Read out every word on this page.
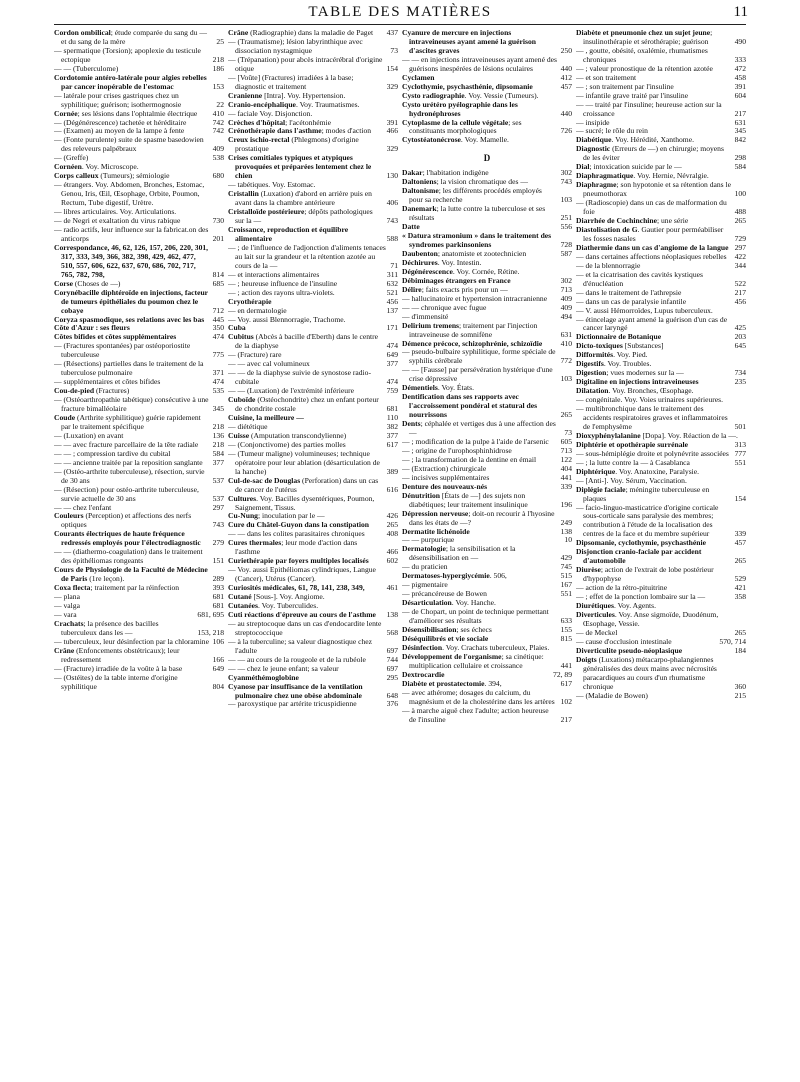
TABLE DES MATIÈRES	11
Cordon ombilical; étude comparée du sang du — et du sang de la mère	25
— spermatique (Torsion); apoplexie du testicule ectopique	218
— — (Tuberculome)	186
Cordotomie antéro-latérale pour algies rebelles par cancer inopérable de l'estomac	153
— latérale pour crises gastriques chez un syphilitique; guérison; isothermognosie	22
Cornée; ses lésions dans l'ophtalmie électrique	410
— (Dégénérescence) tachetée et héréditaire	742
— (Examen) au moyen de la lampe à fente	742
— (Fonte purulente) suite de spasme basedowien des releveurs palpébraux	409
— (Greffe)	538
Cornéen. Voy. Microscope.
Corps calleux (Tumeurs); sémiologie	680
— étrangers. Voy. Abdomen, Bronches, Estomac, Genou, Iris, Œil, Œsophage, Orbite, Poumon, Rectum, Tube digestif, Urètre.
— libres articulaires. Voy. Articulations.
— de Negri et exaltation du virus rabique	730
— radio actifs, leur influence sur la fabricat.on des anticorps	201
Correspondance, 46, 62, 126, 157, 206, 220, 301, 317, 333, 349, 366, 382, 398, 429, 462, 477, 510, 557, 606, 622, 637, 670, 686, 702, 717, 765, 782, 798,	814
Corse (Choses de —)	685
Corynébacille diphtéroïde en injections, facteur de tumeurs épithéliales du poumon chez le cobaye	712
Coryza spasmodique, ses relations avec les bas	445
Côte d'Azur : ses fleurs	350
Côtes bifides et côtes supplémentaires	474
— (Fractures spontanées) par ostéoporiostite tuberculeuse	775
— (Résections) partielles dans le traitement de la tuberculose pulmonaire	371
— supplémentaires et côtes bifides	474
Cou-de-pied (Fractures)	535
— (Ostéoarthropathie tabétique) consécutive à une fracture bimalléolaire	345
Coude (Arthrite syphilitique) guérie rapidement par le traitement spécifique	218
— (Luxation) en avant	136
— — avec fracture parcellaire de la tête radiale	218
— — ; compression tardive du cubital	584
— — ancienne traitée par la reposition sanglante	377
— (Ostéo-arthrite tuberculeuse), résection, survie de 30 ans	537
— (Résection) pour ostéo-arthrite tuberculeuse, survie actuelle de 30 ans	537
— — chez l'enfant	297
Couleurs (Perception) et affections des nerfs optiques	743
Courants électriques de haute fréquence redressés employés pour l'électrodiagnostic	279
— — (diathermo-coagulation) dans le traitement des épithéliomas rongeants	151
Cours de Physiologie de la Faculté de Médecine de Paris (1re leçon).	289
Coxa flecta; traitement par la réinfection	393
— plana	681
— valga	681
— vara	681, 695
Crachats; la présence des bacilles tuberculeux dans les —	153, 218
— tuberculeux, leur désinfection par la chloramine 106
Crâne (Enfoncements obstétricaux); leur redressement	166
— (Fracture) irradiée de la voûte à la base	649
— (Ostéites) de la table interne d'origine syphilitique	804
Crâne (Radiographie) dans la maladie de Paget	437
— (Traumatisme); lésion labyrinthique avec dissociation nystagmique	73
— (Trépanation) pour abcès intracérébral d'origine otique	154
— [Voûte] (Fractures) irradiées à la base; diagnostic et traitement	329
Cranienne [Intra]. Voy. Hypertension.
Cranio-encéphalique. Voy. Traumatismes.
— faciale Voy. Disjonction.
Crèches d'hôpital; l'acétonhémie	391
Crénothérapie dans l'asthme; modes d'action	466
Creux ischio-rectal (Phlegmons) d'origine prostatique	329
Crises comitiales typiques et atypiques provoquées et préparées lentement chez le chien	130
— tabétiques. Voy. Estomac.
Cristallin (Luxation) d'abord en arrière puis en avant dans la chambre antérieure	406
Cristalloïde postérieure; dépôts pathologiques sur la —	743
Croissance, reproduction et équilibre alimentaire	588
— ; de l'influence de l'adjonction d'aliments tenaces au lait sur la grandeur et la rétention azotée au cours de la —	71
— et interactions alimentaires	311
— ; heureuse influence de l'insuline	632
— ; action des rayons ultra-violets.	521
Cryothérapie	456
— en dermatologie	137
— Voy. aussi Blennorragie, Trachome.
Cuba	171
Cubitus (Abcès à bacille d'Eberth) dans le centre de la diaphyse	474
— (Fracture) rare	649
— — avec cal volumineux	377
— — de la diaphyse suivie de synostose radio-cubitale	474
— — (Luxation) de l'extrémité inférieure	759
Cuboïde (Ostéochondrite) chez un enfant porteur de chondrite costale	681
Cuisine, la meilleure —	110
— diététique	382
Cuisse (Amputation transcondylienne)	377
— (Conjonctivome) des parties molles	617
— (Tumeur maligne) volumineuses; technique opératoire pour leur ablation (désarticulation de la hanche)	389
Cul-de-sac de Douglas (Perforation) dans un cas de cancer de l'utérus	616
Cultures. Voy. Bacilles dysentériques, Poumon, Saignement, Tissus.
Cu-Nung; inoculation par le —	426
Cure du Châtel-Guyon dans la constipation	265
— — dans les colites parasitaires chroniques	408
Cures thermales; leur mode d'action dans l'asthme	466
Curiethérapie par foyers multiples localisés	602
— Voy. aussi Epithéliomas cylindriques, Langue (Cancer), Utérus (Cancer).
Curiosités médicales, 61, 78, 141, 238, 349,	461
Cutané [Sous-]. Voy. Angiome.
Cutanées. Voy. Tuberculides.
Cuti réactions d'épreuve au cours de l'asthme	138
— au streptocoque dans un cas d'endocardite lente streptococcique	568
— à la tuberculine; sa valeur diagnostique chez l'adulte	697
— — au cours de la rougeole et de la rubéole	744
— — chez le jeune enfant; sa valeur	697
Cyanméthémoglobine	295
Cyanose par insuffisance de la ventilation pulmonaire chez une obèse abdominale	648
— paroxystique par artérite tricuspidienne	376
Cyanure de mercure en injections intraveineuses ayant amené la guérison d'ascites graves	250
— — en injections intraveineuses ayant amené des guérisons inespérées de lésions oculaires	440
Cyclamen	412
Cyclothymie, psychasthénie, dipsomanie	457
Cysto radiographie. Voy. Vessie (Tumeurs).
Cysto urétéro pyélographie dans les hydronéphroses	440
Cytoplasme de la cellule végétale; ses constituants morphologiques	726
Cytostéatonécrose. Voy. Mamelle.
D
Dakar; l'habitation indigène	302
Daltoniens; la vision chromatique des —	743
Daltonisme; les différents procédés employés pour sa recherche	103
Danemark; la lutte contre la tuberculose et ses résultats	251
Datte	556
« Datura stramonium » dans le traitement des syndromes parkinsoniens	728
Daubenton; anatomiste et zootechnicien	587
Déchirures. Voy. Intestin.
Dégénérescence. Voy. Cornée, Rétine.
Débiminages étrangers en France	302
Délire; faits exacts pris pour un —	713
— hallucinatoire et hypertension intracranienne	409
— — chronique avec fugue	409
— d'immensité	494
Delirium tremens; traitement par l'injection intraveineuse de somnifène	631
Démence précoce, schizophrénie, schizoïdie	410
— pseudo-bulbaire syphilitique, forme spéciale de syphilis cérébrale	772
— — [Fausse] par persévération hystérique d'une crise dépressive	103
Démentiels. Voy. États.
Dentification dans ses rapports avec l'accroissement pondéral et statural des nourrissons	265
Dents; céphalée et vertiges dus à une affection des —	73
— ; modification de la pulpe à l'aide de l'arsenic	605
— ; origine de l'urophosphinhidrose	713
— ; la transformation de la dentine en émail	122
— (Extraction) chirurgicale	404
— incisives supplémentaires	441
Denture des nouveaux-nés	339
Dénutrition [États de —] des sujets non diabétiques; leur traitement insulinique	196
Dépression nerveuse; doit-on recourir à l'hyosine dans les états de —?	249
Dermatite lichénoïde	138
— — purpurique	10
Dermatologie; la sensibilisation et la désensibilisation en —	429
— du praticien	745
Dermatoses-hypergiycémie. 506,	515
— pigmentaire	167
— précancéreuse de Bowen	551
Désarticulation. Voy. Hanche.
— de Chopart, un point de technique permettant d'améliorer ses résultats	633
Désensibilisation; ses échecs	155
Déséquilibrés et vie sociale	815
Désinfection. Voy. Crachats tuberculeux, Plaies.
Développement de l'organisme; sa cinétique: multiplication cellulaire et croissance	441
Dextrocardie	72, 89
Diabète et prostatectomie. 394,	617
— avec athérome; dosages du calcium, du magnésium et de la cholestérine dans les artères 102
— à marche aiguë chez l'adulte; action heureuse de l'insuline	217
Diabète et pneumonie chez un sujet jeune; insulinothérapie et sérothérapie; guérison	490
— , goutte, obésité, oxalémie, rhumatismes chroniques	333
— ; valeur pronostique de la rétention azotée	472
— et son traitement	458
— ; son traitement par l'insuline	391
— infantile grave traité par l'insuline	604
— — traité par l'insuline; heureuse action sur la croissance	217
— insipide	631
— sucré; le rôle du rein	345
Diabétique. Voy. Hérédité, Xanthome.	842
Diagnostic (Erreurs de —) en chirurgie; moyens de les éviter	298
Dial; intoxication suicide par le —	584
Diaphragmatique. Voy. Hernie, Névralgie.
Diaphragme; son hypotonie et sa rétention dans le pneumothorax	100
— (Radioscopie) dans un cas de malformation du foie	488
Diarrhée de Cochinchine; une série	265
Diastolisation de G. Gautier pour perméabiliser les fosses nasales	729
Diathermie dans un cas d'angiome de la langue 297
— dans certaines affections néoplasiques rebelles	422
— de la blennorragie	344
— et la cicatrisation des cavités kystiques d'énucléation	522
— dans le traitement de l'athrepsie	217
— dans un cas de paralysie infantile	456
— V. aussi Hémorroïdes, Lupus tuberculeux.
— étincelage ayant amené la guérison d'un cas de cancer laryngé	425
Dictionnaire de Botanique	203
Dicto-toxiques [Substances]	645
Difformités. Voy. Pied.
Digestifs. Voy. Troubles.
Digestion; vues modernes sur la —	734
Digitaline en injections intraveineuses	235
Dilatation. Voy. Bronches, Œsophage.
— congénitale. Voy. Voies urinaires supérieures.
— multibronchique dans le traitement des accidents respiratoires graves et inflammatoires de l'emphysème	501
Dioxyphénylalanine [Dopa]. Voy. Réaction de la —.
Diphtérie et opothérapie surrénale	313
— sous-hémiplégie droite et polynévrite associées 777
— ; la lutte contre la — à Casablanca	551
Diphtérique. Voy. Anatoxine, Paralysie.
— [Anti-]. Voy. Sérum, Vaccination.
Diplégie faciale; méningite tuberculeuse en plaques	154
— facio-linguo-masticatrice d'origine corticale sous-corticale sans paralysie des membres; contribution à l'étude de la localisation des centres de la face et du membre supérieur	339
Dipsomanie, cyclothymie, psychasthénie	457
Disjonction cranio-faciale par accident d'automobile	265
Diurèse; action de l'extrait de lobe postérieur d'hypophyse	529
— action de la rétro-pituitrine	421
— ; effet de la ponction lombaire sur la —	358
Diurétiques. Voy. Agents.
Diverticules. Voy. Anse sigmoïde, Duodénum, Œsophage, Vessie.
— de Meckel	265
— cause d'occlusion intestinale	570, 714
Diverticulite pseudo-néoplasique	184
Doigts (Luxations) métacarpo-phalangiennes généralisées des deux mains avec nécrosités paracardiques au cours d'un rhumatisme chronique	360
— (Maladie de Bowen)	215
